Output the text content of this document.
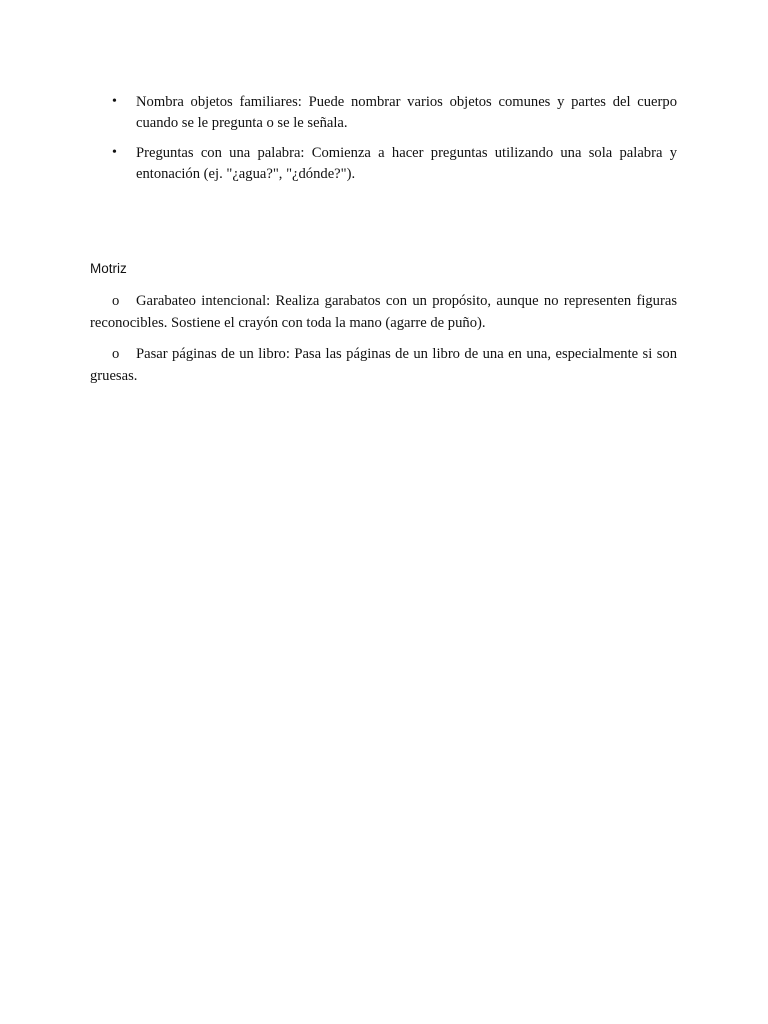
•	Nombra objetos familiares: Puede nombrar varios objetos comunes y partes del cuerpo cuando se le pregunta o se le señala.
•	Preguntas con una palabra: Comienza a hacer preguntas utilizando una sola palabra y entonación (ej. "¿agua?", "¿dónde?").
Motriz

o Garabateo intencional: Realiza garabatos con un propósito, aunque no representen figuras reconocibles. Sostiene el crayón con toda la mano (agarre de puño).

o Pasar páginas de un libro: Pasa las páginas de un libro de una en una, especialmente si son gruesas.
